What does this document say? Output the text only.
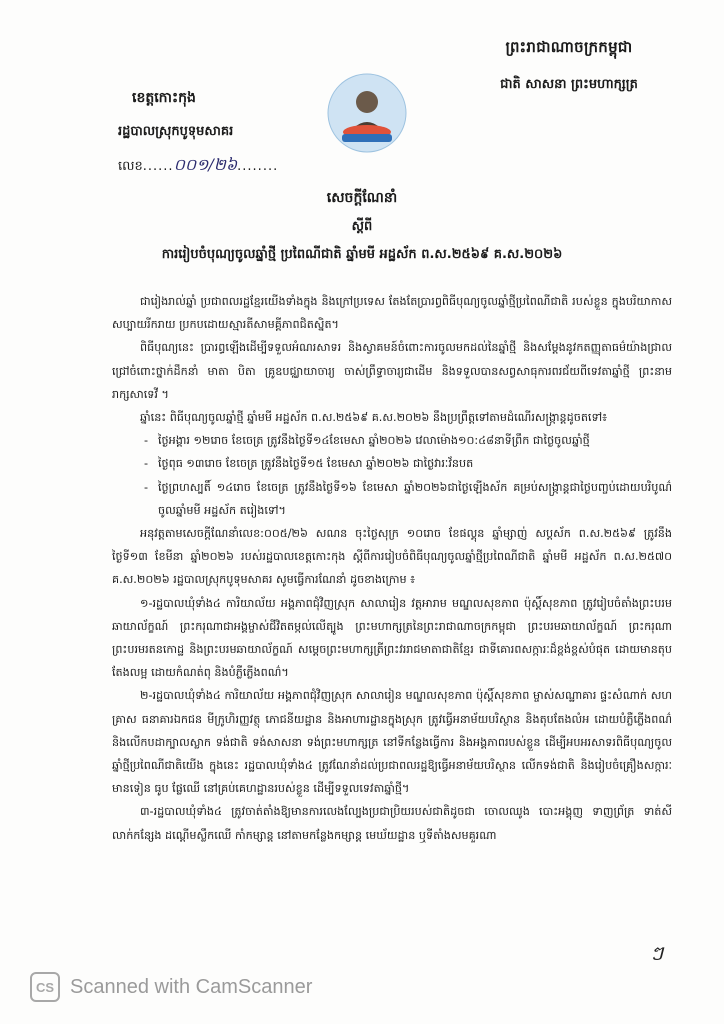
ព្រះរាជាណាចក្រកម្ពុជា
ជាតិ សាសនា ព្រះមហាក្សត្រ
ខេត្តកោះកុង
រដ្ឋបាលស្រុកបូទុមសាគរ
លេខ......០០១/២៦........
សេចក្តីណែនាំ
ស្តីពី
ការរៀបចំបុណ្យចូលឆ្នាំថ្មី ប្រពៃណីជាតិ ឆ្នាំមមី អដ្ឋស័ក ព.ស.២៥៦៩ គ.ស.២០២៦

ជារៀងរាល់ឆ្នាំ ប្រជាពលរដ្ឋខ្មែរយើងទាំងក្នុង និងក្រៅប្រទេស តែងតែប្រារព្ធពិធីបុណ្យចូលឆ្នាំថ្មីប្រពៃណីជាតិ របស់ខ្លួន ក្នុងបរិយាកាសសប្បាយរីករាយ ប្រកបដោយស្មារតីសាមគ្គីភាពជិតស្និត។

ពិធីបុណ្យនេះ ប្រារព្ធឡើងដើម្បីទទួលអំណរសាទរ និងស្វាគមន៍ចំពោះការចូលមកដល់នៃឆ្នាំថ្មី និងសម្តែងនូវកតញ្ញុតាធម៌យ៉ាងជ្រាលជ្រៅចំពោះថ្នាក់ដឹកនាំ មាតា បិតា គ្រូឧបជ្ឈាយាចារ្យ ចាស់ព្រឹទ្ធាចារ្យជាដើម និងទទួលបានសព្វសាធុការពរជ័យពីទេវតាឆ្នាំថ្មី ព្រះនាម រាក្សសាទេវី ។

ឆ្នាំនេះ ពិធីបុណ្យចូលឆ្នាំថ្មី ឆ្នាំមមី អដ្ឋស័ក ព.ស.២៥៦៩ គ.ស.២០២៦ នឹងប្រព្រឹត្តទៅតាមដំណើរសង្រ្កាន្តដូចតទៅ៖

- ថ្ងៃអង្គារ ១២រោច ខែចេត្រ ត្រូវនឹងថ្ងៃទី១៤ខែមេសា ឆ្នាំ២០២៦ វេលាម៉ោង១០:៤៨នាទីព្រឹក ជាថ្ងៃចូលឆ្នាំថ្មី
- ថ្ងៃពុធ ១៣រោច ខែចេត្រ ត្រូវនឹងថ្ងៃទី១៥ ខែមេសា ឆ្នាំ២០២៦ ជាថ្ងៃវារៈវ័នបត
- ថ្ងៃព្រហស្បតិ៍ ១៤រោច ខែចេត្រ ត្រូវនឹងថ្ងៃទី១៦ ខែមេសា ឆ្នាំ២០២៦ជាថ្ងៃឡើងស័ក គម្រប់សង្រ្កាន្តជាថ្ងៃបញ្ចប់ដោយបរិបូណ៌ ចូលឆ្នាំមមី អដ្ឋស័ក តរៀងទៅ។

អនុវត្តតាមសេចក្តីណែនាំលេខ:០០៥/២៦ សណន ចុះថ្ងៃសុក្រ ១០រោច ខែផល្គុន ឆ្នាំម្សាញ់ សប្តស័ក ព.ស.២៥៦៩ ត្រូវនឹងថ្ងៃទី១៣ ខែមីនា ឆ្នាំ២០២៦ របស់រដ្ឋបាលខេត្តកោះកុង ស្តីពីការរៀបចំពិធីបុណ្យចូលឆ្នាំថ្មីប្រពៃណីជាតិ ឆ្នាំមមី អដ្ឋស័ក ព.ស.២៥៧០ គ.ស.២០២៦ រដ្ឋបាលស្រុកបូទុមសាគរ សូមធ្វើការណែនាំ ដូចខាងក្រោម ៖

១-រដ្ឋបាលឃុំទាំង៤ ការិយាល័យ អង្គភាពជុំវិញស្រុក សាលារៀន វត្តអារាម មណ្ឌលសុខភាព ប៉ុស្តិ៍សុខភាព ត្រូវរៀបចំតាំងព្រះបរមឆាយាល័ក្ខណ៍ ព្រះករុណាជាអង្គម្ចាស់ជីវិតតម្កល់លើត្បូង ព្រះមហាក្សត្រនៃព្រះរាជាណាចក្រកម្ពុជា ព្រះបរមឆាយាល័ក្ខណ៍ ព្រះករុណា ព្រះបរមរតនកោដ្ឋ និងព្រះបរមឆាយាល័ក្ខណ៍ សម្តេចព្រះមហាក្សត្រីព្រះវររាជមាតាជាតិខ្មែរ ជាទីគោរពសក្ការៈដ៏ខ្ពង់ខ្ពស់បំផុត ដោយមានតុបតែងលម្អ ដោយកំណត់ពុ និងបំភ្លឺភ្លើងពណ៌។

២-រដ្ឋបាលឃុំទាំង៤ ការិយាល័យ អង្គភាពជុំវិញស្រុក សាលារៀន មណ្ឌលសុខភាព ប៉ុស្តិ៍សុខភាព ម្ចាស់សណ្ឋាគារ ផ្ទះសំណាក់ សហគ្រាស ធនាគារឯកជន មីក្រូហិរញ្ញវត្ថុ ភោជនីយដ្ឋាន និងអាហារដ្ឋានក្នុងស្រុក ត្រូវធ្វើអនាម័យបរិស្ថាន និងតុបតែងលំអ ដោយបំភ្លឺភ្លើងពណ៌ និងលើកបដាក្បាលស្លាក ទង់ជាតិ ទង់សាសនា ទង់ព្រះមហាក្សត្រ នៅទីកន្លែងធ្វើការ និងអង្គភាពរបស់ខ្លួន ដើម្បីអបអរសាទរពិធីបុណ្យចូលឆ្នាំថ្មីប្រពៃណីជាតិយើង ក្នុងនេះ រដ្ឋបាលឃុំទាំង៤ ត្រូវណែនាំដល់ប្រជាពលរដ្ឋឱ្យធ្វើអនាម័យបរិស្ថាន លើកទង់ជាតិ និងរៀបចំគ្រឿងសក្ការៈ មានទៀន ធូប ផ្លែឈើ នៅគ្រប់គេហដ្ឋានរបស់ខ្លួន ដើម្បីទទួលទេវតាឆ្នាំថ្មី។

៣-រដ្ឋបាលឃុំទាំង៤ ត្រូវចាត់តាំងឱ្យមានការលេងល្បែងប្រជាប្រិយរបស់ជាតិដូចជា ចោលឈូង បោះអង្គុញ ទាញព្រ័ត្រ ទាត់សី លាក់កន្សែង ដណ្តើមស្លឹកឈើ កាំកម្សាន្ត នៅតាមកន្លែងកម្សាន្ត មេឃ័យដ្ឋាន ឬទីតាំងសមគួរណា

ៗ
CS Scanned with CamScanner
